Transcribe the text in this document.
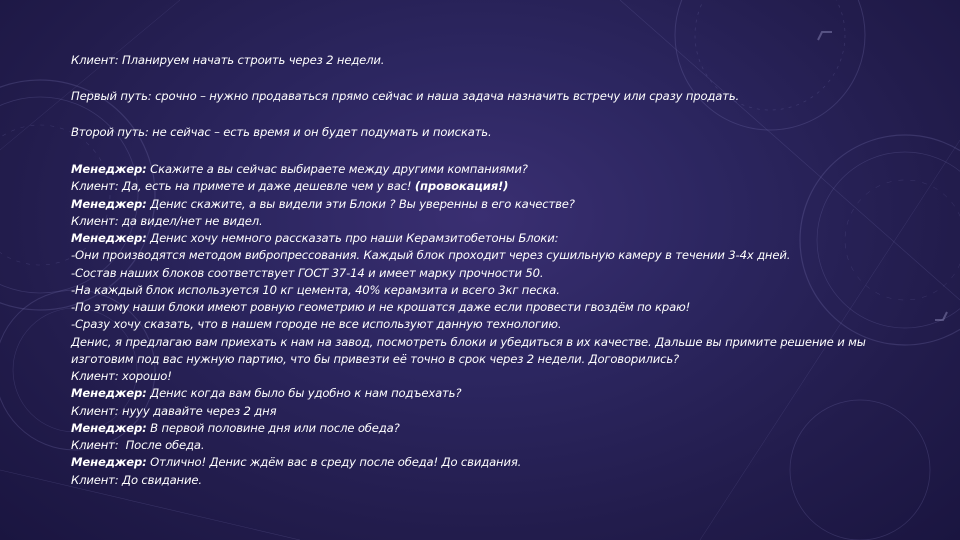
Клиент: Планируем начать строить через 2 недели.

Первый путь: срочно – нужно продаваться прямо сейчас и наша задача назначить встречу или сразу продать.

Второй путь: не сейчас – есть время и он будет подумать и поискать.

Менеджер: Скажите а вы сейчас выбираете между другими компаниями?
Клиент: Да, есть на примете и даже дешевле чем у вас! (провокация!)
Менеджер: Денис скажите, а вы видели эти Блоки ? Вы уверенны в его качестве?
Клиент: да видел/нет не видел.
Менеджер: Денис хочу немного рассказать про наши Керамзитобетоны Блоки:
-Они производятся методом вибропрессования. Каждый блок проходит через сушильную камеру в течении 3-4х дней.
-Состав наших блоков соответствует ГОСТ 37-14 и имеет марку прочности 50.
-На каждый блок используется 10 кг цемента, 40% керамзита и всего 3кг песка.
-По этому наши блоки имеют ровную геометрию и не крошатся даже если провести гвоздём по краю!
-Сразу хочу сказать, что в нашем городе не все используют данную технологию.
Денис, я предлагаю вам приехать к нам на завод, посмотреть блоки и убедиться в их качестве. Дальше вы примите решение и мы изготовим под вас нужную партию, что бы привезти её точно в срок через 2 недели. Договорились?
Клиент: хорошо!
Менеджер: Денис когда вам было бы удобно к нам подъехать?
Клиент: нууу давайте через 2 дня
Менеджер: В первой половине дня или после обеда?
Клиент:  После обеда.
Менеджер: Отлично! Денис ждём вас в среду после обеда! До свидания.
Клиент: До свидание.
